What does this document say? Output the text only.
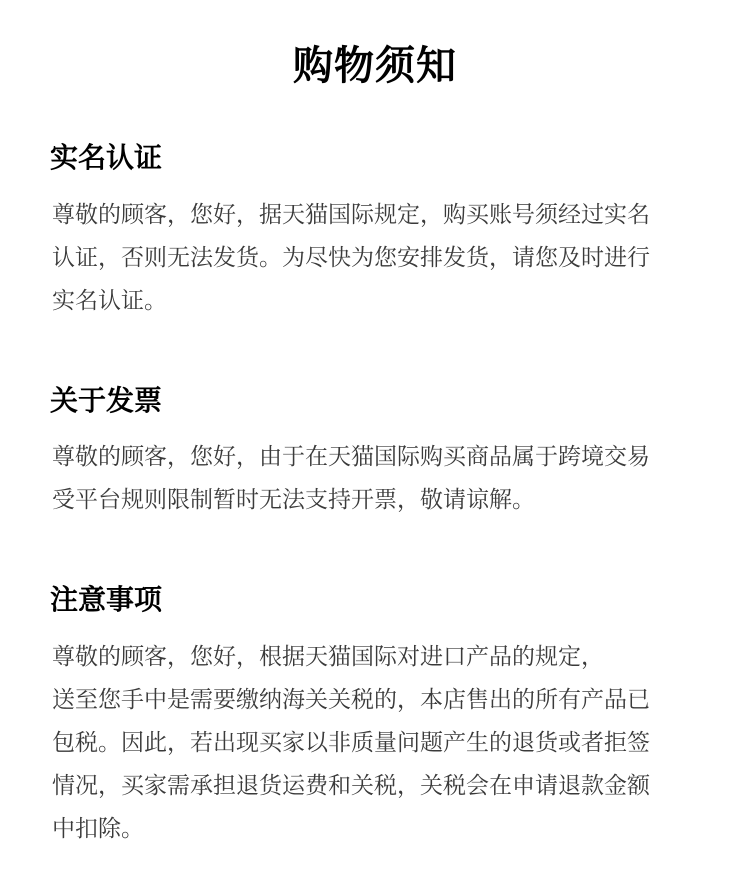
购物须知
实名认证
尊敬的顾客，您好，据天猫国际规定，购买账号须经过实名
认证，否则无法发货。为尽快为您安排发货，请您及时进行
实名认证。
关于发票
尊敬的顾客，您好，由于在天猫国际购买商品属于跨境交易
受平台规则限制暂时无法支持开票，敬请谅解。
注意事项
尊敬的顾客，您好，根据天猫国际对进口产品的规定，
送至您手中是需要缴纳海关关税的，本店售出的所有产品已
包税。因此，若出现买家以非质量问题产生的退货或者拒签
情况，买家需承担退货运费和关税，关税会在申请退款金额
中扣除。
